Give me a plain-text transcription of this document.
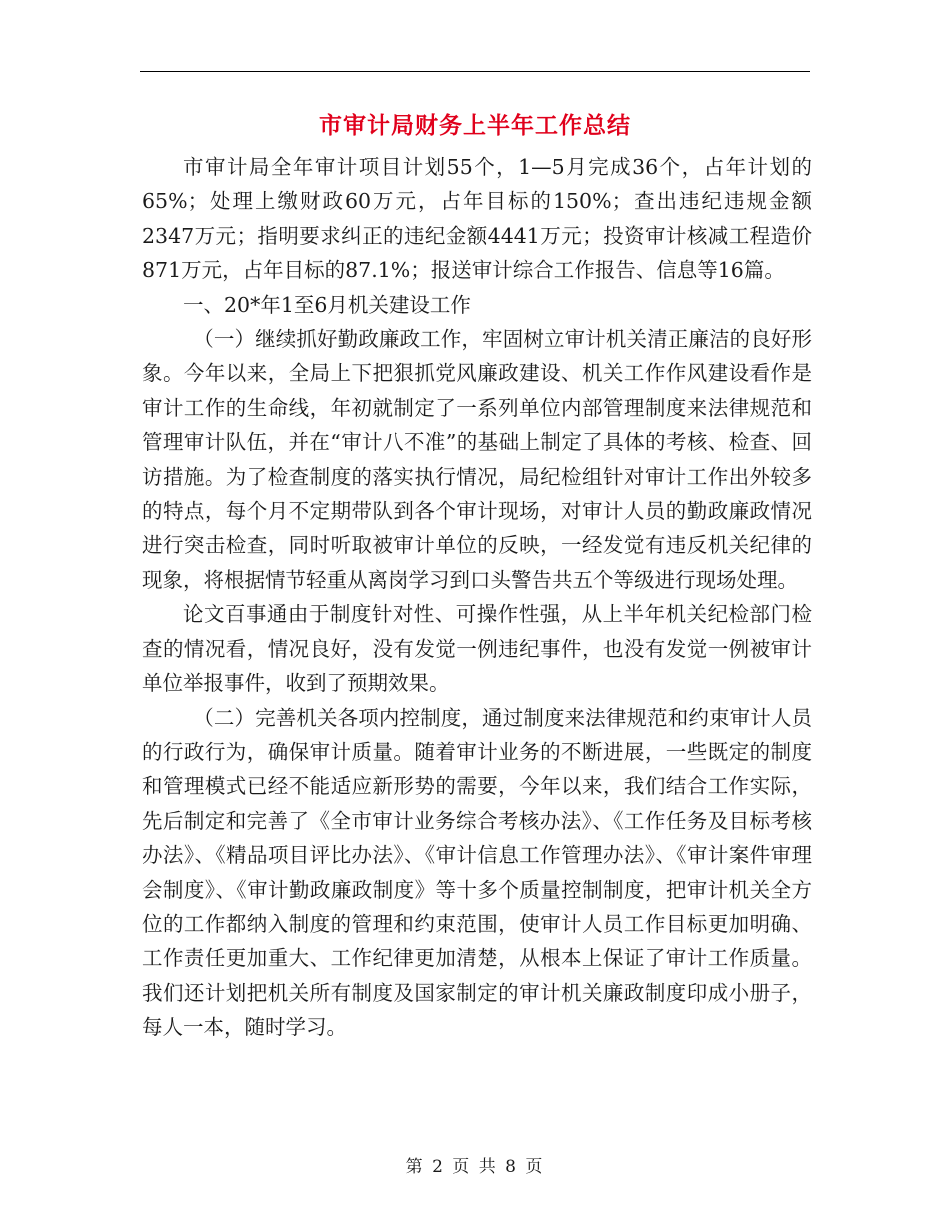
市审计局财务上半年工作总结

市审计局全年审计项目计划55个，1—5月完成36个，占年计划的65%；处理上缴财政60万元，占年目标的150%；查出违纪违规金额2347万元；指明要求纠正的违纪金额4441万元；投资审计核减工程造价871万元，占年目标的87.1%；报送审计综合工作报告、信息等16篇。

一、20*年1至6月机关建设工作

（一）继续抓好勤政廉政工作，牢固树立审计机关清正廉洁的良好形象。今年以来，全局上下把狠抓党风廉政建设、机关工作作风建设看作是审计工作的生命线，年初就制定了一系列单位内部管理制度来法律规范和管理审计队伍，并在“审计八不准”的基础上制定了具体的考核、检查、回访措施。为了检查制度的落实执行情况，局纪检组针对审计工作出外较多的特点，每个月不定期带队到各个审计现场，对审计人员的勤政廉政情况进行突击检查，同时听取被审计单位的反映，一经发觉有违反机关纪律的现象，将根据情节轻重从离岗学习到口头警告共五个等级进行现场处理。

论文百事通由于制度针对性、可操作性强，从上半年机关纪检部门检查的情况看，情况良好，没有发觉一例违纪事件，也没有发觉一例被审计单位举报事件，收到了预期效果。

（二）完善机关各项内控制度，通过制度来法律规范和约束审计人员的行政行为，确保审计质量。随着审计业务的不断进展，一些既定的制度和管理模式已经不能适应新形势的需要，今年以来，我们结合工作实际，先后制定和完善了《全市审计业务综合考核办法》、《工作任务及目标考核办法》、《精品项目评比办法》、《审计信息工作管理办法》、《审计案件审理会制度》、《审计勤政廉政制度》等十多个质量控制制度，把审计机关全方位的工作都纳入制度的管理和约束范围，使审计人员工作目标更加明确、工作责任更加重大、工作纪律更加清楚，从根本上保证了审计工作质量。我们还计划把机关所有制度及国家制定的审计机关廉政制度印成小册子，每人一本，随时学习。

第 2 页 共 8 页
